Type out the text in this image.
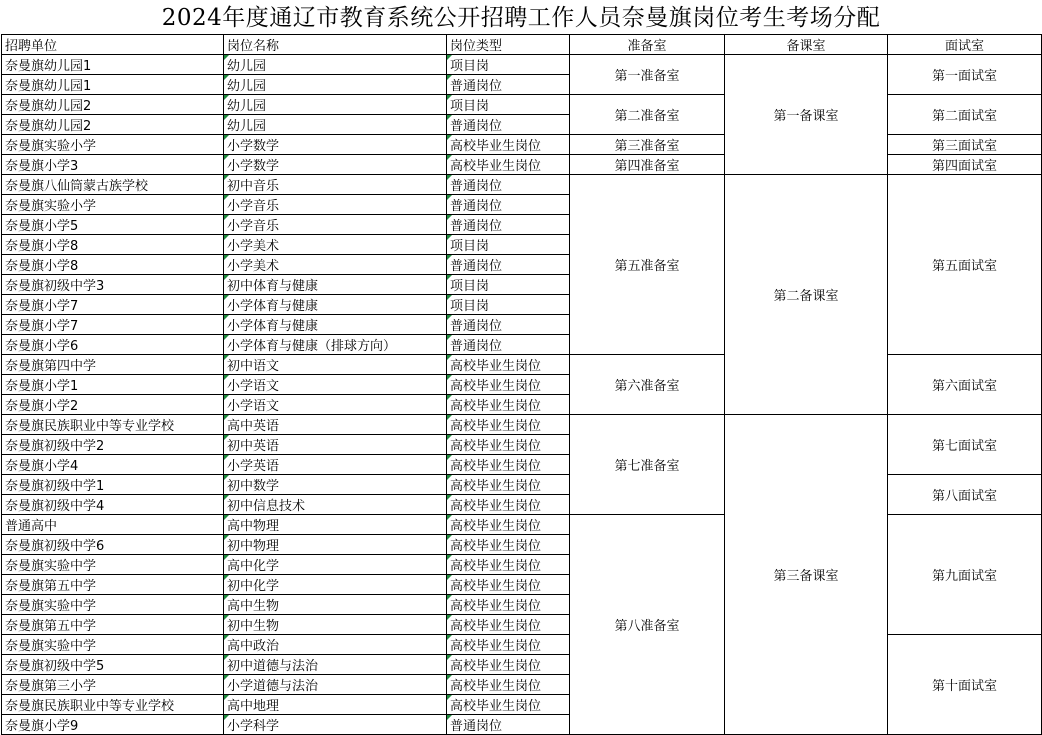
2024年度通辽市教育系统公开招聘工作人员奈曼旗岗位考生考场分配
招聘单位	岗位名称	岗位类型	准备室	备课室	面试室
奈曼旗幼儿园1	幼儿园	项目岗	第一准备室	第一备课室	第一面试室
奈曼旗幼儿园1	幼儿园	普通岗位			
奈曼旗幼儿园2	幼儿园	项目岗	第二准备室		第二面试室
奈曼旗幼儿园2	幼儿园	普通岗位			
奈曼旗实验小学	小学数学	高校毕业生岗位	第三准备室		第三面试室
奈曼旗小学3	小学数学	高校毕业生岗位	第四准备室		第四面试室
奈曼旗八仙筒蒙古族学校	初中音乐	普通岗位	第五准备室	第二备课室	第五面试室
奈曼旗实验小学	小学音乐	普通岗位			
奈曼旗小学5	小学音乐	普通岗位			
奈曼旗小学8	小学美术	项目岗			
奈曼旗小学8	小学美术	普通岗位			
奈曼旗初级中学3	初中体育与健康	项目岗			
奈曼旗小学7	小学体育与健康	项目岗			
奈曼旗小学7	小学体育与健康	普通岗位			
奈曼旗小学6	小学体育与健康（排球方向）	普通岗位			
奈曼旗第四中学	初中语文	高校毕业生岗位	第六准备室		第六面试室
奈曼旗小学1	小学语文	高校毕业生岗位			
奈曼旗小学2	小学语文	高校毕业生岗位			
奈曼旗民族职业中等专业学校	高中英语	高校毕业生岗位	第七准备室	第三备课室	第七面试室
奈曼旗初级中学2	初中英语	高校毕业生岗位			
奈曼旗小学4	小学英语	高校毕业生岗位			
奈曼旗初级中学1	初中数学	高校毕业生岗位			第八面试室
奈曼旗初级中学4	初中信息技术	高校毕业生岗位			
普通高中	高中物理	高校毕业生岗位	第八准备室		第九面试室
奈曼旗初级中学6	初中物理	高校毕业生岗位			
奈曼旗实验中学	高中化学	高校毕业生岗位			
奈曼旗第五中学	初中化学	高校毕业生岗位			
奈曼旗实验中学	高中生物	高校毕业生岗位			
奈曼旗第五中学	初中生物	高校毕业生岗位			
奈曼旗实验中学	高中政治	高校毕业生岗位			第十面试室
奈曼旗初级中学5	初中道德与法治	高校毕业生岗位			
奈曼旗第三小学	小学道德与法治	高校毕业生岗位			
奈曼旗民族职业中等专业学校	高中地理	高校毕业生岗位			
奈曼旗小学9	小学科学	普通岗位			
